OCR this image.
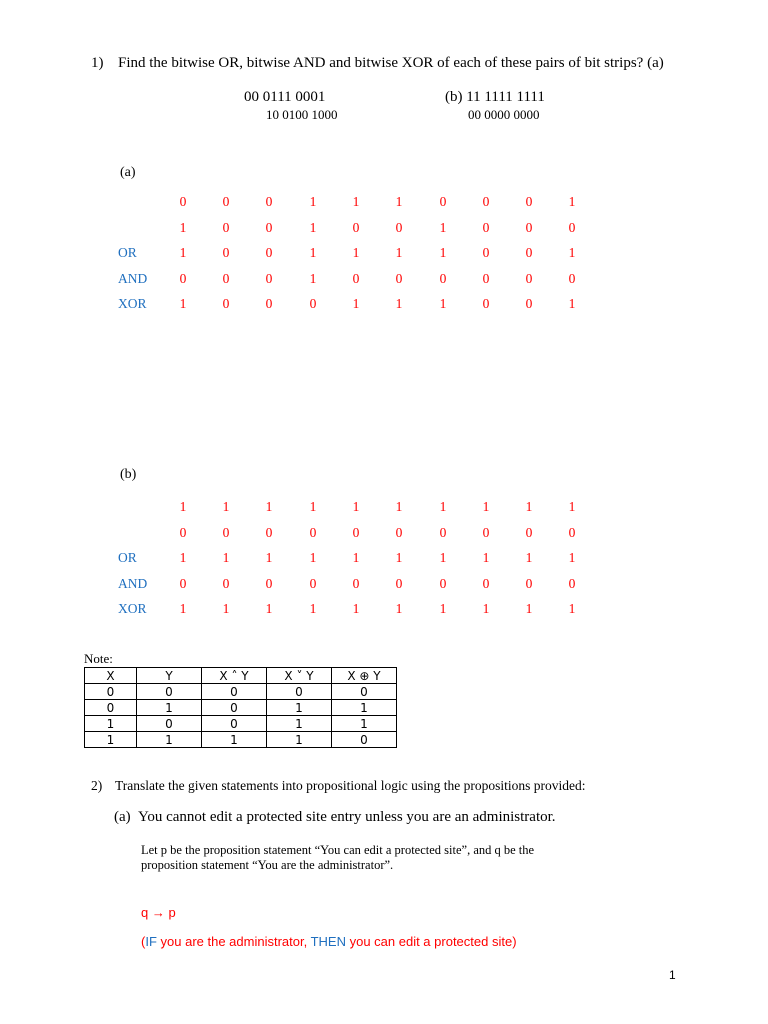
1) Find the bitwise OR, bitwise AND and bitwise XOR of each of these pairs of bit strips? (a)
00 0111 0001
10 0100 1000
(b) 11 1111 1111
00 0000 0000
(a)
0	0	0	1	1	1	0	0	0	1
1	0	0	1	0	0	1	0	0	0
OR	1	0	0	1	1	1	1	0	0	1
AND 0	0	0	1	0	0	0	0	0	0
XOR 1	0	0	0	1	1	1	0	0	1
(b)
1	1	1	1	1	1	1	1	1	1
0	0	0	0	0	0	0	0	0	0
OR	1	1	1	1	1	1	1	1	1	1
AND 0	0	0	0	0	0	0	0	0	0
XOR 1	1	1	1	1	1	1	1	1	1
Note:
X	Y	X ˄ Y	X ˅ Y	X ⊕ Y
0	0	0	0	0
0	1	0	1	1
1	0	0	1	1
1	1	1	1	0
2) Translate the given statements into propositional logic using the propositions provided:
(a) You cannot edit a protected site entry unless you are an administrator.
Let p be the proposition statement “You can edit a protected site”, and q be the proposition statement “You are the administrator”.
q → p
(IF you are the administrator, THEN you can edit a protected site)
1
